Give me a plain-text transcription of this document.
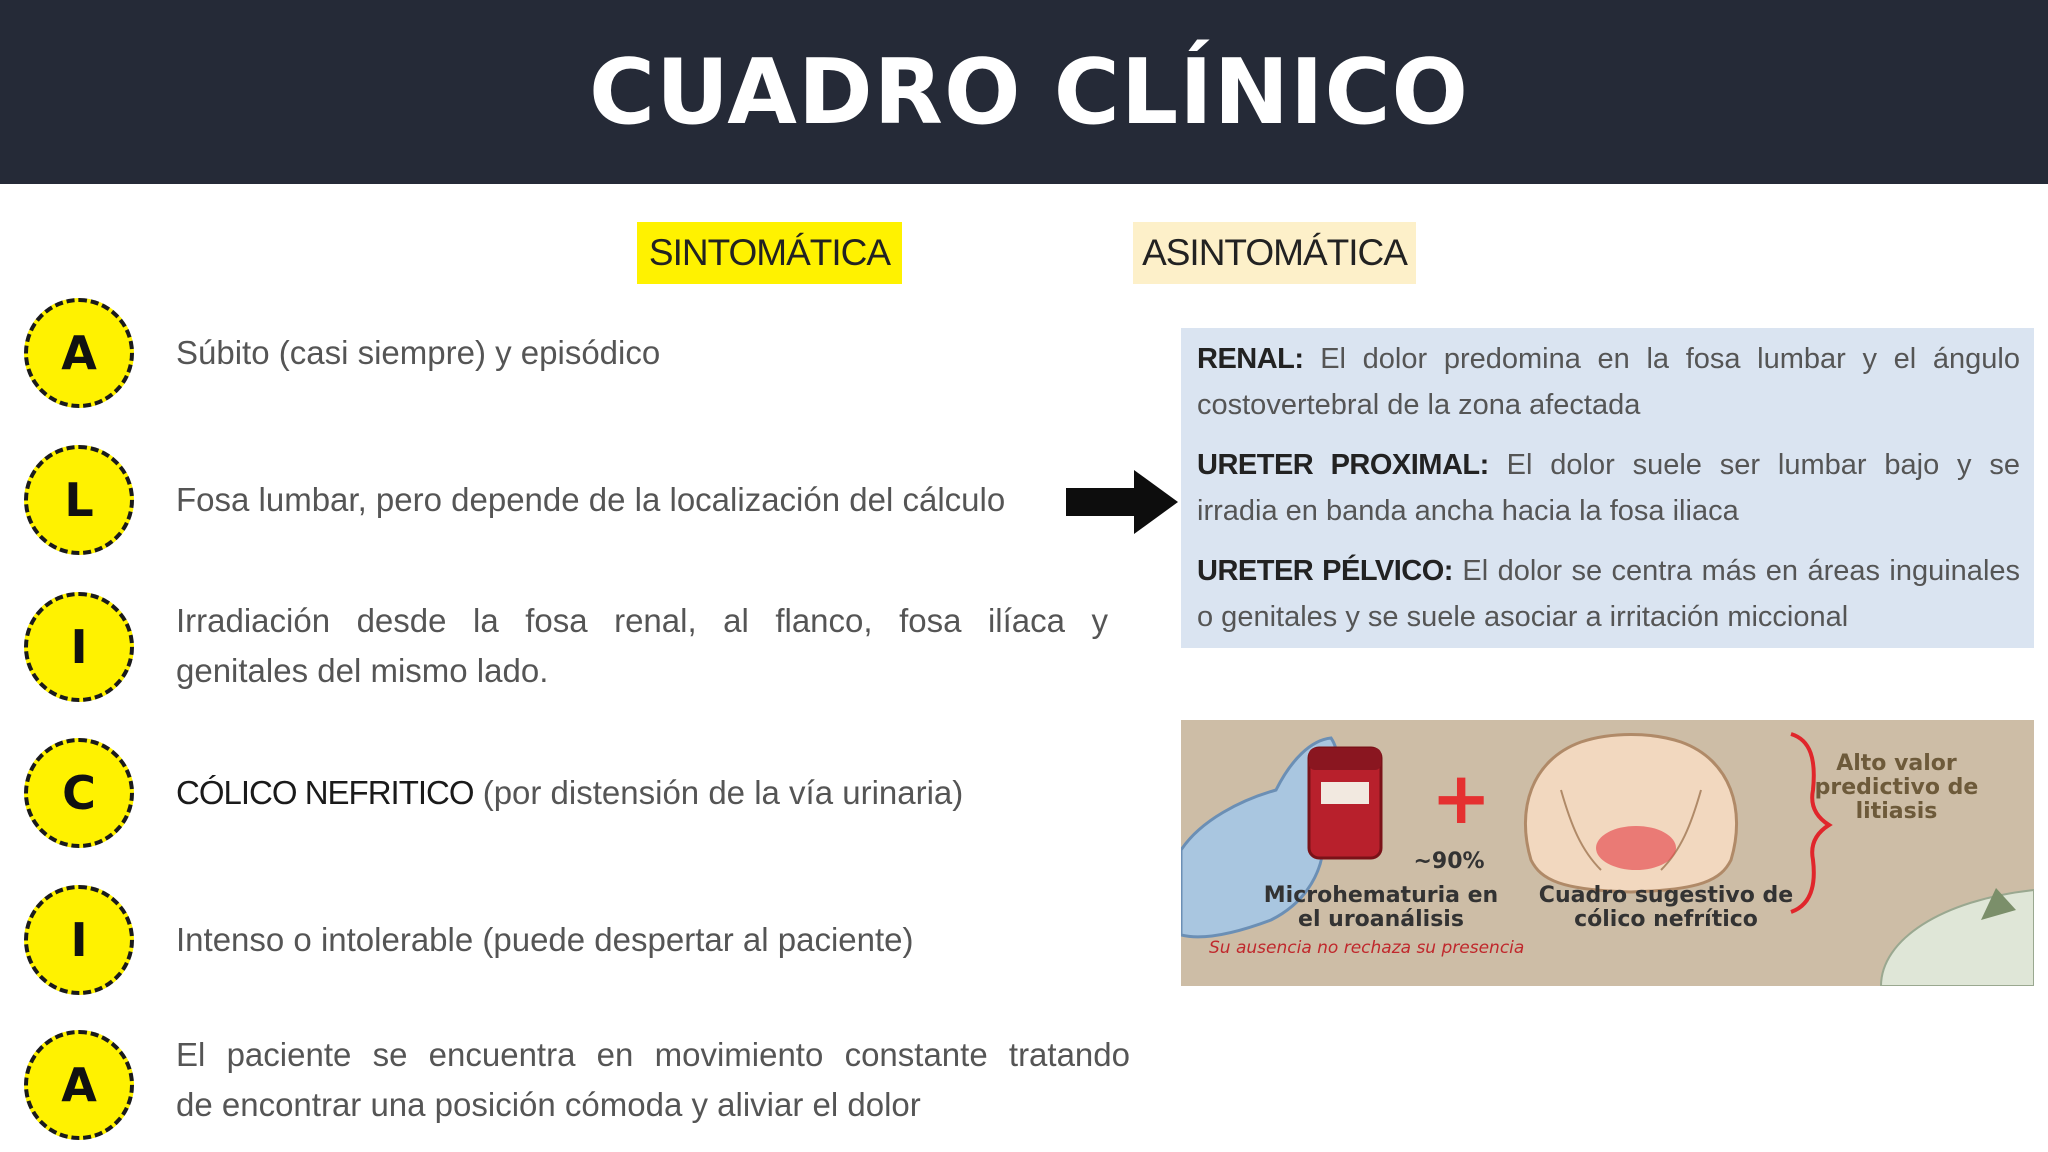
CUADRO CLÍNICO
SINTOMÁTICA	ASINTOMÁTICA
A	Súbito (casi siempre) y episódico
L	Fosa lumbar, pero depende de la localización del cálculo
I	Irradiación desde la fosa renal, al flanco, fosa ilíaca y
genitales del mismo lado.
C	CÓLICO NEFRITICO (por distensión de la vía urinaria)
I	Intenso o intolerable (puede despertar al paciente)
A
El paciente se encuentra en movimiento constante tratando
de encontrar una posición cómoda y aliviar el dolor
RENAL: El dolor predomina en la fosa lumbar y el ángulo
costovertebral de la zona afectada
URETER PROXIMAL: El dolor suele ser lumbar bajo y se
irradia en banda ancha hacia la fosa iliaca
URETER PÉLVICO: El dolor se centra más en áreas inguinales
o genitales y se suele asociar a irritación miccional
+
~90%
Microhematuria en el uroanálisis
Cuadro sugestivo de cólico nefrítico
Alto valor predictivo de litiasis
Su ausencia no rechaza su presencia
